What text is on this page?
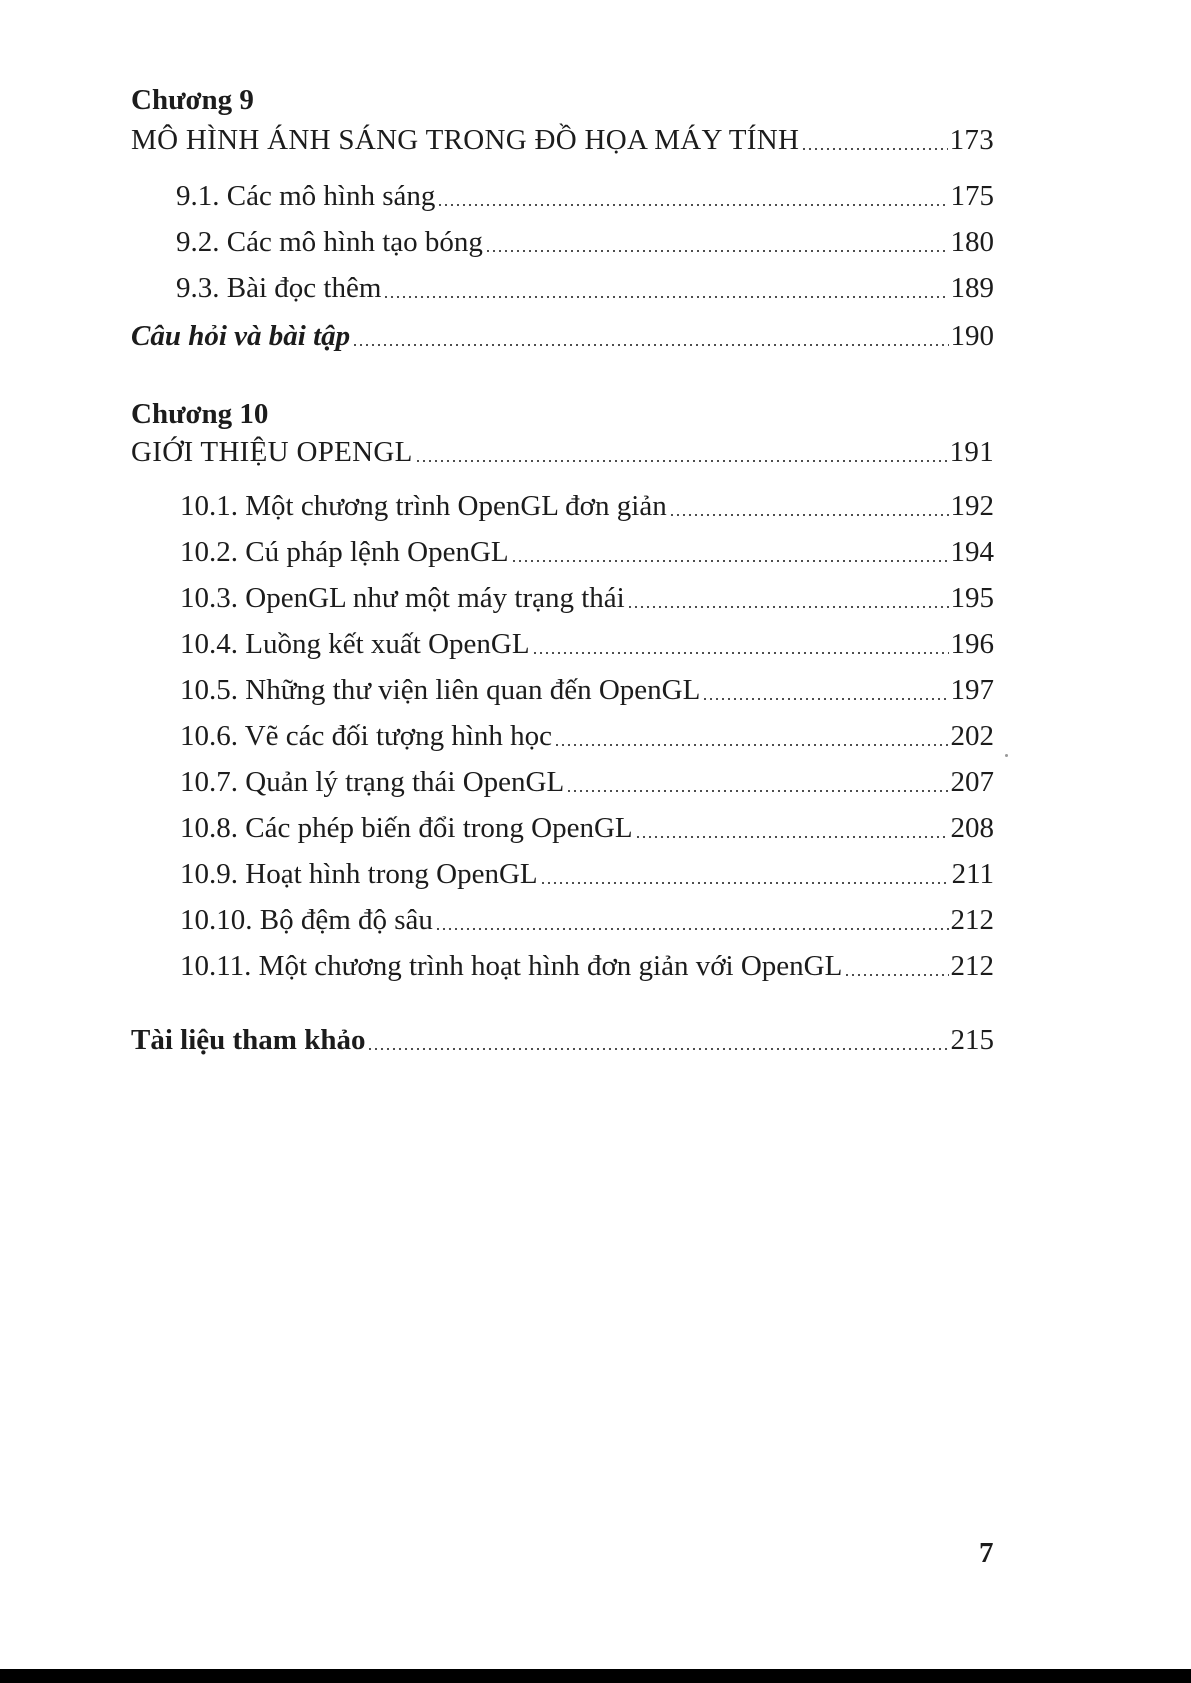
Chương 9
MÔ HÌNH ÁNH SÁNG TRONG ĐỒ HỌA MÁY TÍNH	173
9.1. Các mô hình sáng	175
9.2. Các mô hình tạo bóng	180
9.3. Bài đọc thêm	189
Câu hỏi và bài tập	190
Chương 10
GIỚI THIỆU OPENGL	191
10.1. Một chương trình OpenGL đơn giản	192
10.2. Cú pháp lệnh OpenGL	194
10.3. OpenGL như một máy trạng thái	195
10.4. Luồng kết xuất OpenGL	196
10.5. Những thư viện liên quan đến OpenGL	197
10.6. Vẽ các đối tượng hình học	202
10.7. Quản lý trạng thái OpenGL	207
10.8. Các phép biến đổi trong OpenGL	208
10.9. Hoạt hình trong OpenGL	211
10.10. Bộ đệm độ sâu	212
10.11. Một chương trình hoạt hình đơn giản với OpenGL	212
Tài liệu tham khảo	215
7
